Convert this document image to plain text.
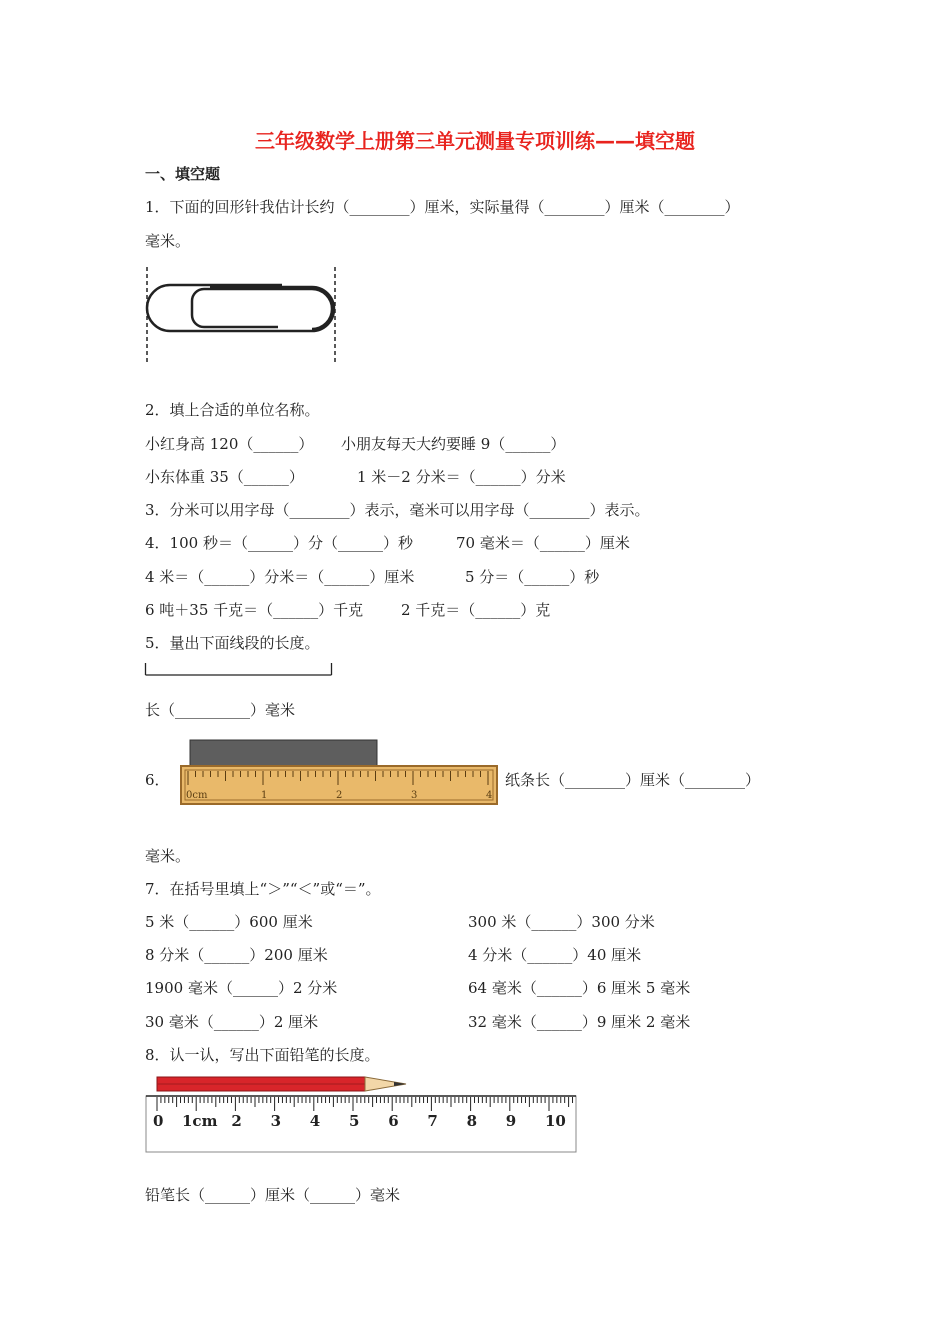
三年级数学上册第三单元测量专项训练——填空题
一、填空题
1．下面的回形针我估计长约（________）厘米，实际量得（________）厘米（________）
毫米。
2．填上合适的单位名称。
小红身高 120（______） 小朋友每天大约要睡 9（______）
小东体重 35（______）	1 米－2 分米＝（______）分米
3．分米可以用字母（________）表示，毫米可以用字母（________）表示。
4．100 秒＝（______）分（______）秒	70 毫米＝（______）厘米
4 米＝（______）分米＝（______）厘米	5 分＝（______）秒
6 吨＋35 千克＝（______）千克	2 千克＝（______）克
5．量出下面线段的长度。
长（__________）毫米
6．
0cm	1	2	3	4
纸条长（________）厘米（________）
毫米。
7．在括号里填上“＞”“＜”或“＝”。
5 米（______）600 厘米	300 米（______）300 分米
8 分米（______）200 厘米	4 分米（______）40 厘米
1900 毫米（______）2 分米	64 毫米（______）6 厘米 5 毫米
30 毫米（______）2 厘米	32 毫米（______）9 厘米 2 毫米
8．认一认，写出下面铅笔的长度。
0 1cm 2 3 4 5 6 7 8 9 10
铅笔长（______）厘米（______）毫米
